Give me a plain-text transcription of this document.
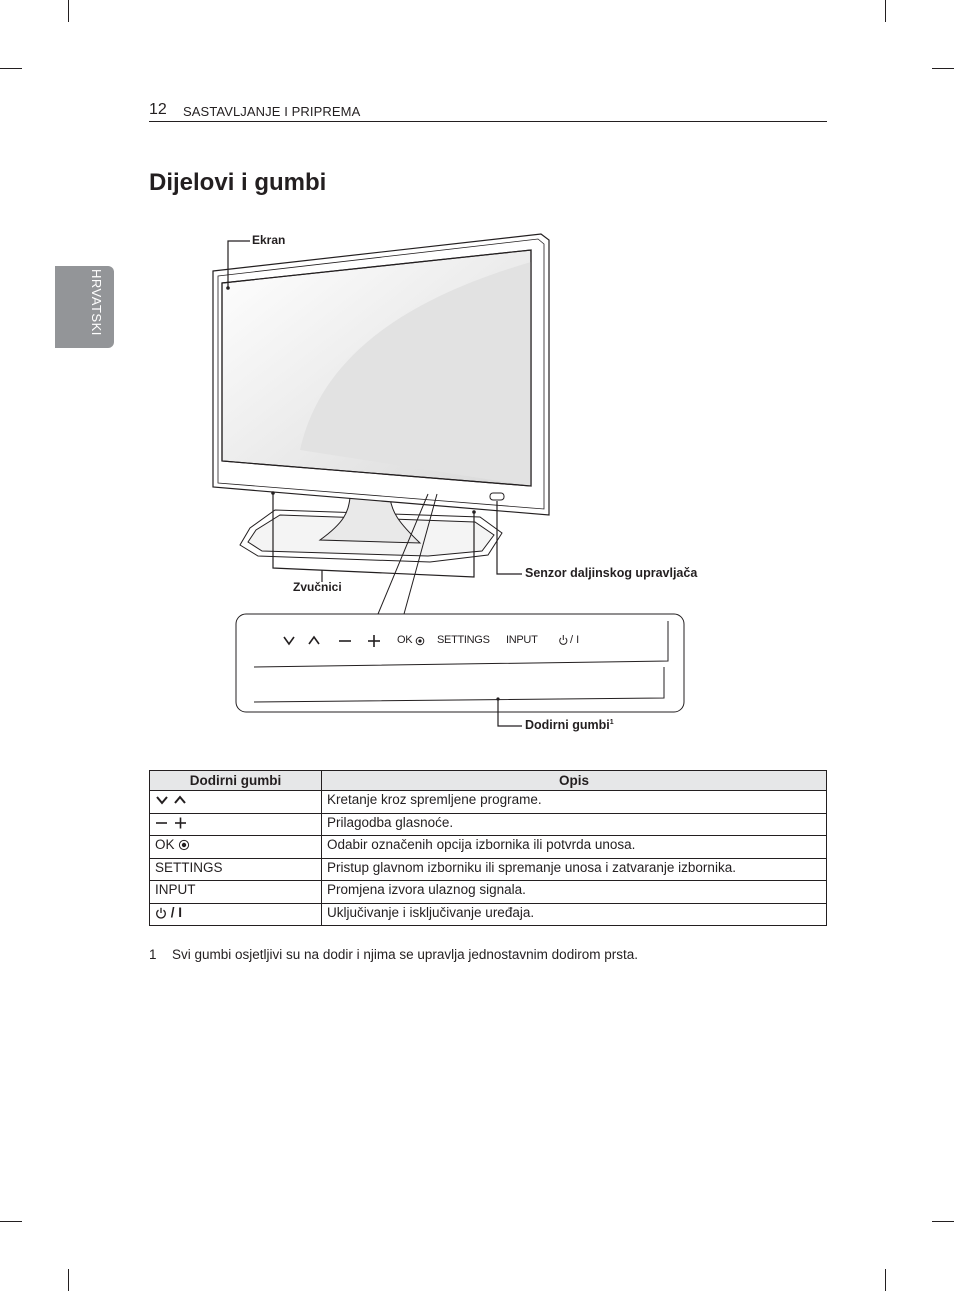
12 SASTAVLJANJE I PRIPREMA
HRVATSKI
Dijelovi i gumbi
Ekran
Zvučnici
Senzor daljinskog upravljača
Dodirni gumbi$^1$
OK SETTINGS INPUT	/ I
Dodirni gumbi	Opis
	Kretanje kroz spremljene programe.
	Prilagodba glasnoće.
OK	Odabir označenih opcija izbornika ili potvrda unosa.
SETTINGS	Pristup glavnom izborniku ili spremanje unosa i zatvaranje izbornika.
INPUT	Promjena izvora ulaznog signala.
/ I	Uključivanje i isključivanje uređaja.
1 Svi gumbi osjetljivi su na dodir i njima se upravlja jednostavnim dodirom prsta.
